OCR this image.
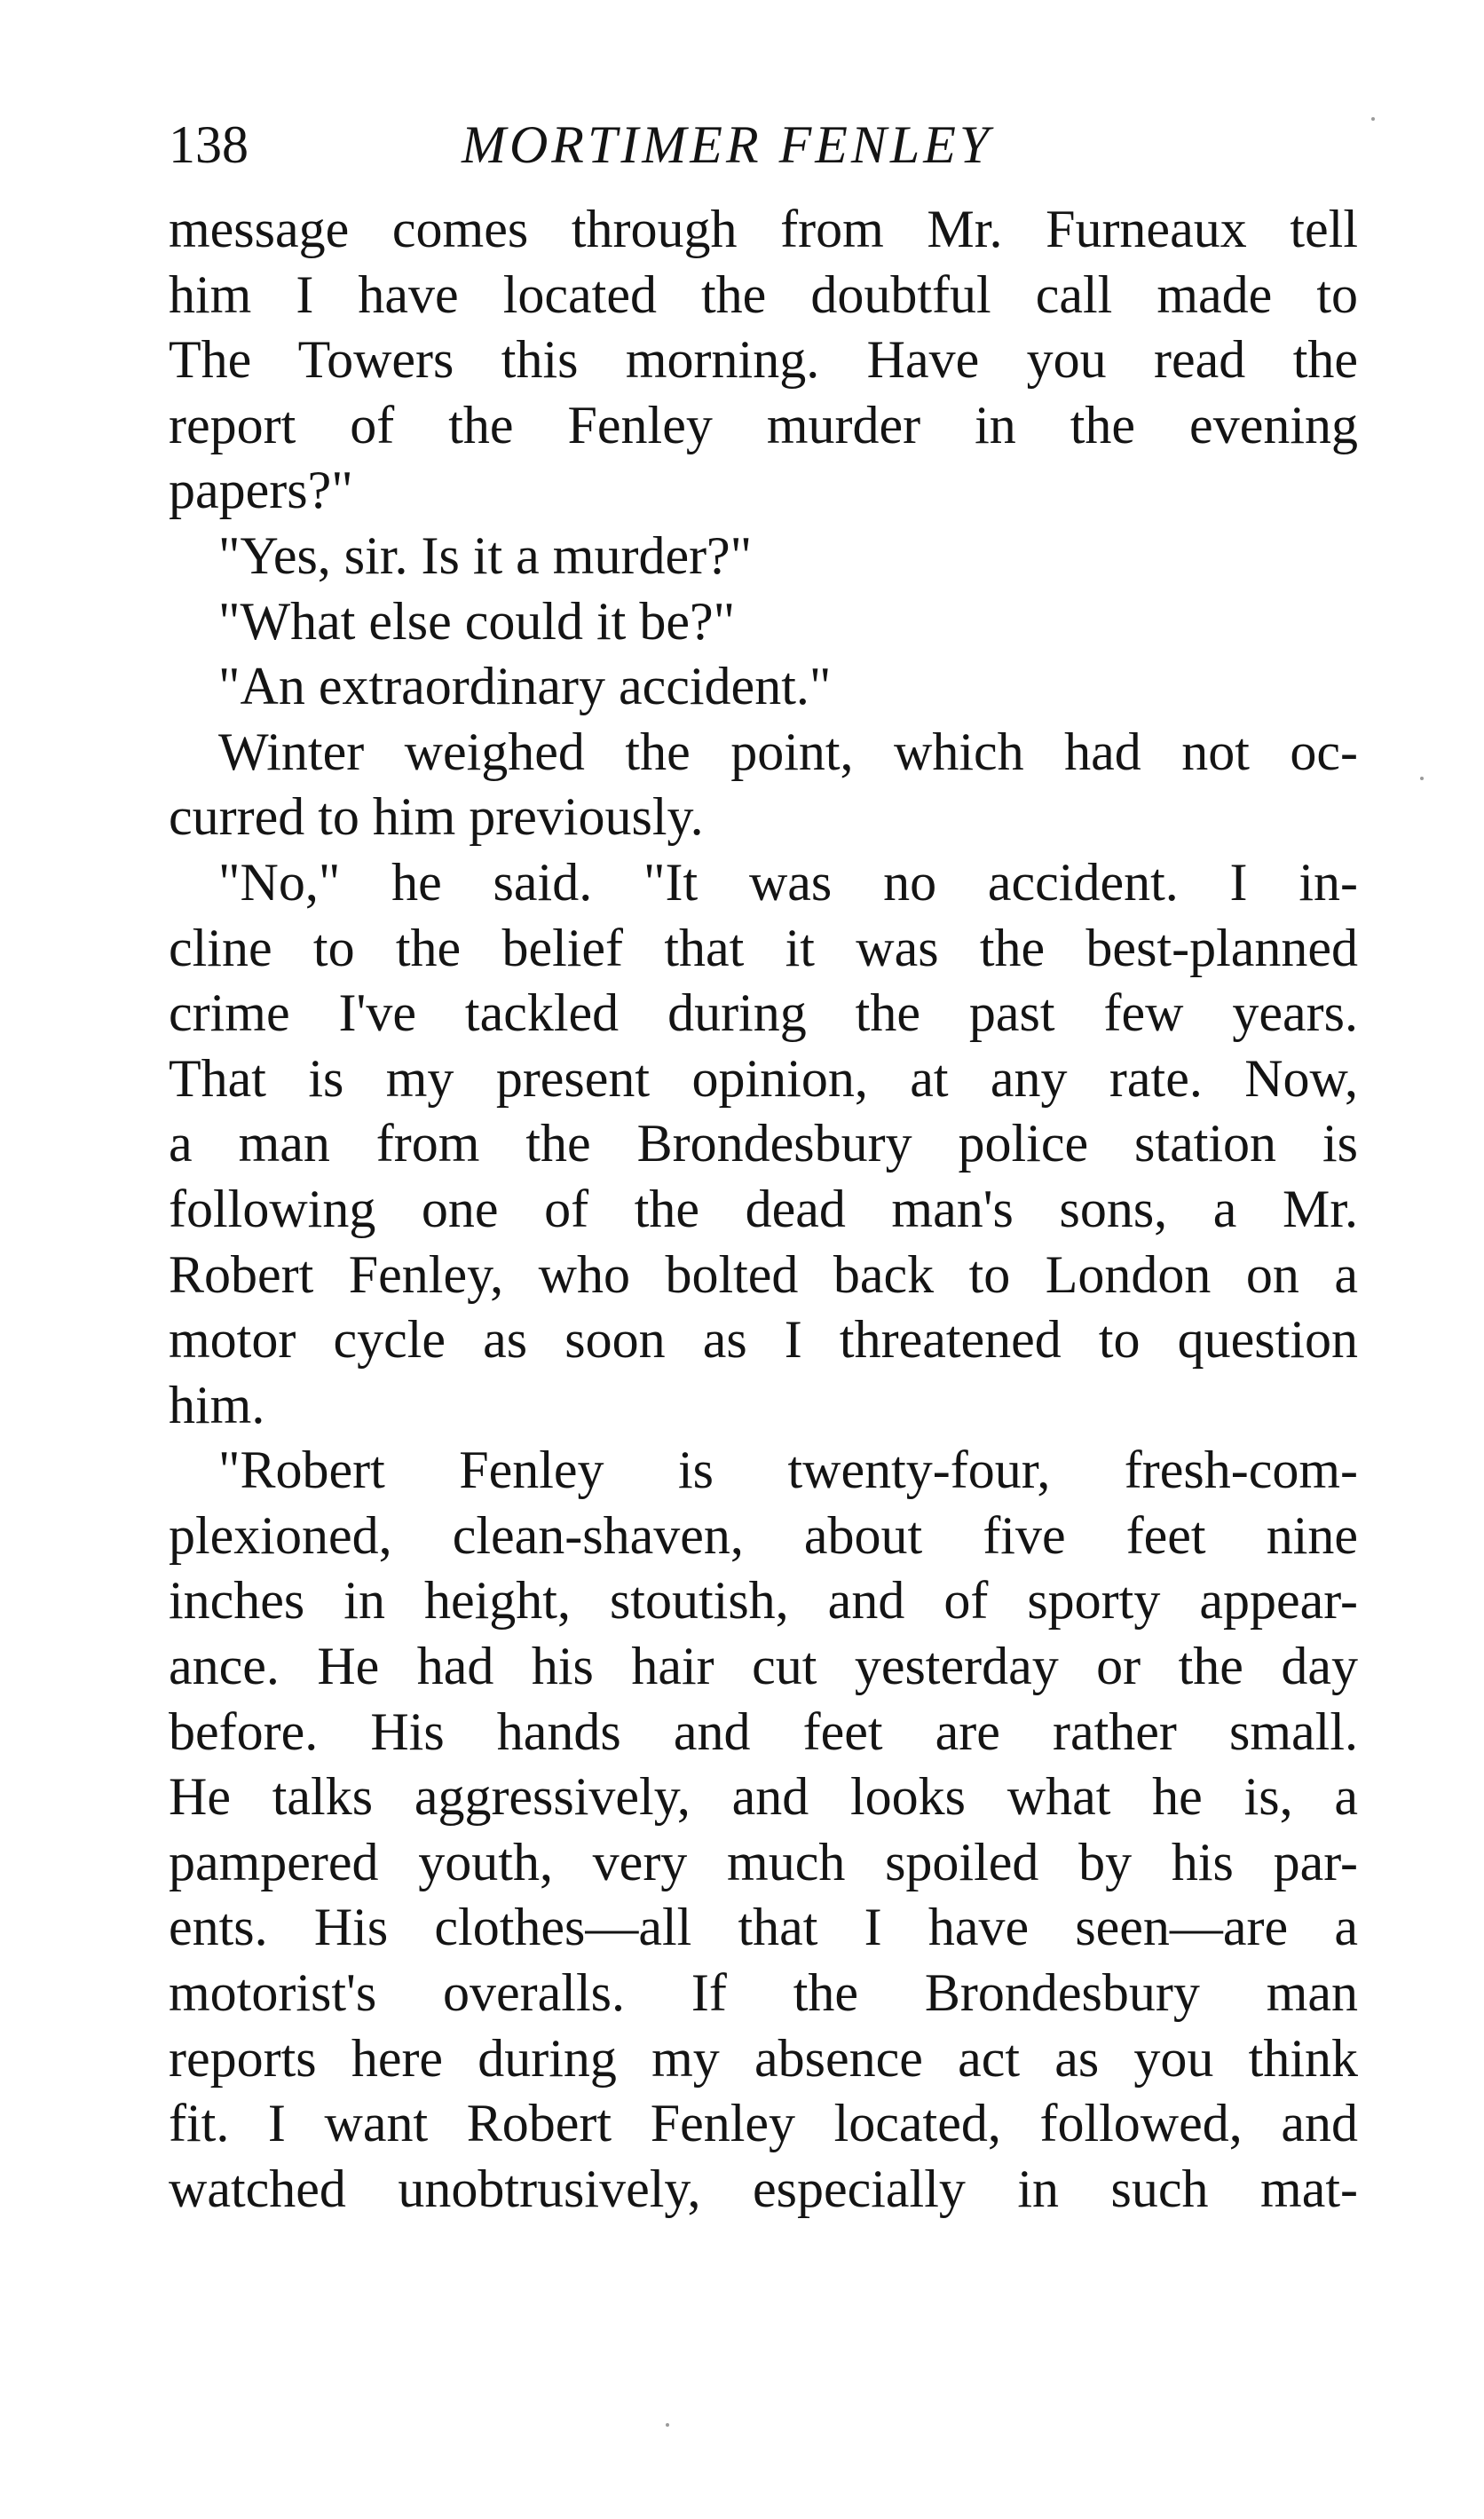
138	MORTIMER FENLEY
message comes through from Mr. Furneaux tell
him I have located the doubtful call made to
The Towers this morning. Have you read the
report of the Fenley murder in the evening
papers?"
"Yes, sir. Is it a murder?"
"What else could it be?"
"An extraordinary accident."
Winter weighed the point, which had not oc-
curred to him previously.
"No," he said. "It was no accident. I in-
cline to the belief that it was the best-planned
crime I've tackled during the past few years.
That is my present opinion, at any rate. Now,
a man from the Brondesbury police station is
following one of the dead man's sons, a Mr.
Robert Fenley, who bolted back to London on a
motor cycle as soon as I threatened to question
him.
"Robert Fenley is twenty-four, fresh-com-
plexioned, clean-shaven, about five feet nine
inches in height, stoutish, and of sporty appear-
ance. He had his hair cut yesterday or the day
before. His hands and feet are rather small.
He talks aggressively, and looks what he is, a
pampered youth, very much spoiled by his par-
ents. His clothes—all that I have seen—are a
motorist's overalls. If the Brondesbury man
reports here during my absence act as you think
fit. I want Robert Fenley located, followed, and
watched unobtrusively, especially in such mat-
